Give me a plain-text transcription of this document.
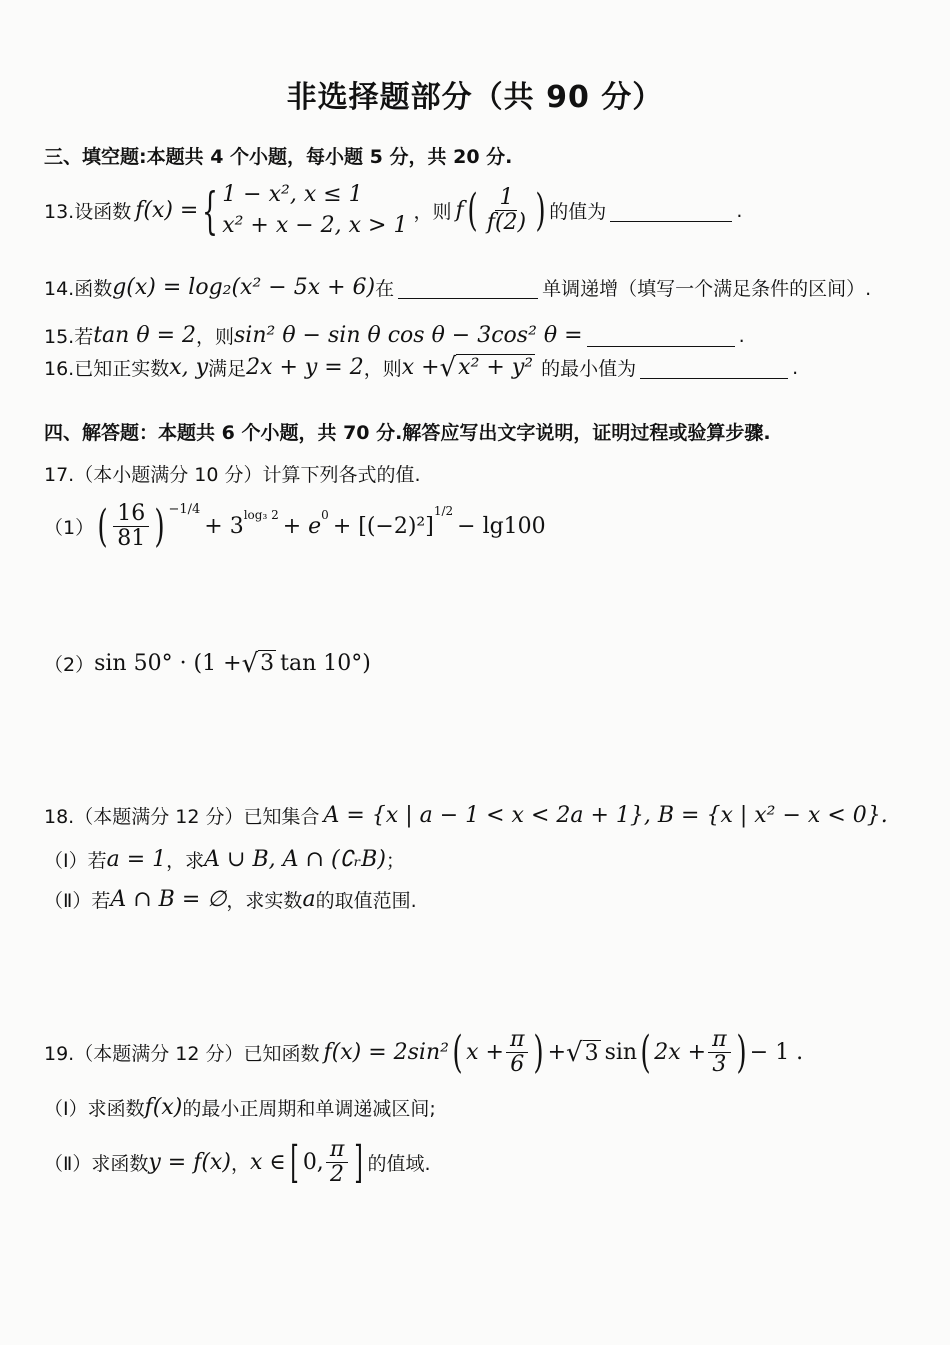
非选择题部分（共 90 分）
三、填空题:本题共 4 个小题，每小题 5 分，共 20 分.
13.设函数 f(x) = { 1 − x², x ≤ 1
x² + x − 2, x > 1
，则 f ( $\frac{1}{f(2)}$ ) 的值为	.
14.函数 g(x) = log₂(x² − 5x + 6) 在	单调递增（填写一个满足条件的区间）.
15.若 tan θ = 2 ，则 sin² θ − sin θ cos θ − 3cos² θ =	.
16.已知正实数 x, y 满足 2x + y = 2 ，则 x + √ x² + y² 的最小值为	.
四、解答题：本题共 6 个小题，共 70 分.解答应写出文字说明，证明过程或验算步骤.
17.（本小题满分 10 分）计算下列各式的值.
（1） ( $\frac{16}{81}$ ) −1/4
+ 3 log₃ 2 + e 0 + [(−2)²]
1/2
− lg100
（2） sin 50° · (1 + √ 3 tan 10°)
18.（本题满分 12 分）已知集合 A = {x | a − 1 < x < 2a + 1}, B = {x | x² − x < 0}.
（Ⅰ）若 a = 1 ，求 A ∪ B, A ∩ (∁ᵣB) ；
（Ⅱ）若 A ∩ B = ∅ ，求实数 a 的取值范围.
19.（本题满分 12 分）已知函数 f(x) = 2sin² ( $x + \frac{\pi}{6}$ ) + √ 3 sin ( $2x + \frac{\pi}{3}$ ) − 1 .
（Ⅰ）求函数 f(x) 的最小正周期和单调递减区间;
（Ⅱ）求函数 y = f(x) ， x ∈ [ 0, $\frac{\pi}{2}$ ] 的值域.
